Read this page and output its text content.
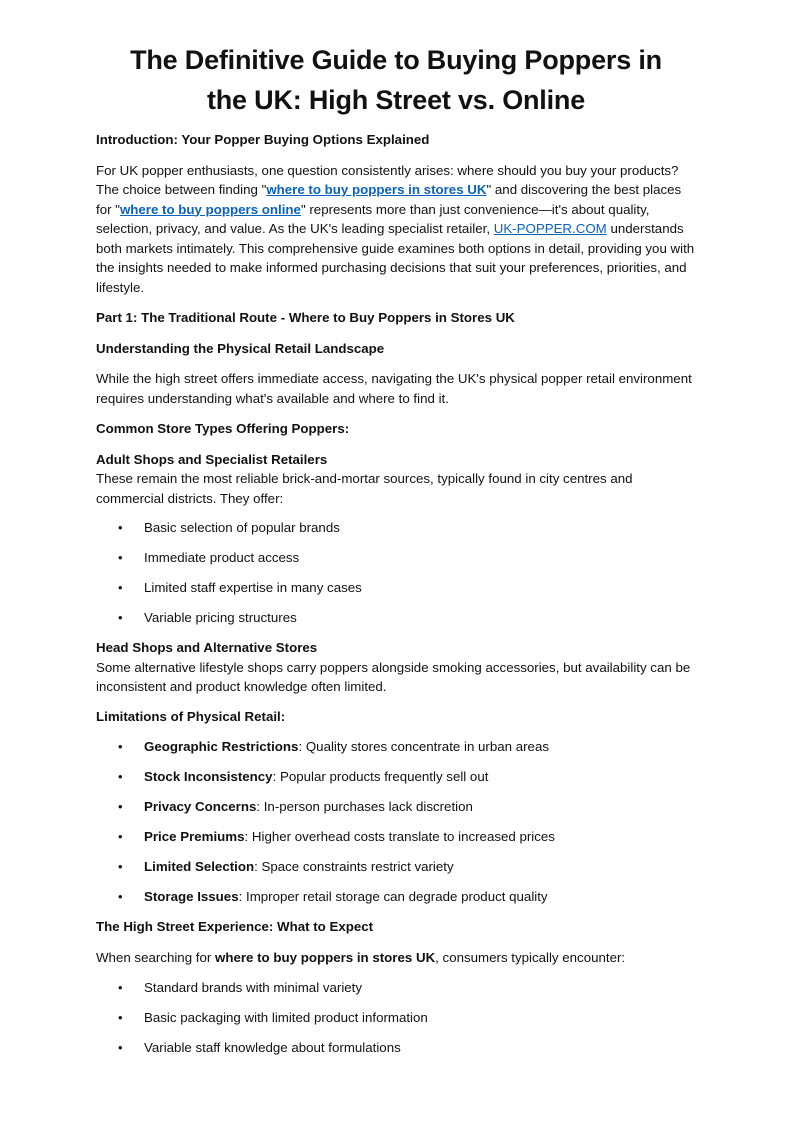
The Definitive Guide to Buying Poppers in
the UK: High Street vs. Online

Introduction: Your Popper Buying Options Explained

For UK popper enthusiasts, one question consistently arises: where should you buy your products? The choice between finding "where to buy poppers in stores UK" and discovering the best places for "where to buy poppers online" represents more than just convenience—it's about quality, selection, privacy, and value. As the UK's leading specialist retailer, UK-POPPER.COM understands both markets intimately. This comprehensive guide examines both options in detail, providing you with the insights needed to make informed purchasing decisions that suit your preferences, priorities, and lifestyle.

Part 1: The Traditional Route - Where to Buy Poppers in Stores UK

Understanding the Physical Retail Landscape

While the high street offers immediate access, navigating the UK's physical popper retail environment requires understanding what's available and where to find it.

Common Store Types Offering Poppers:

Adult Shops and Specialist Retailers
These remain the most reliable brick-and-mortar sources, typically found in city centres and commercial districts. They offer:

• Basic selection of popular brands
• Immediate product access
• Limited staff expertise in many cases
• Variable pricing structures

Head Shops and Alternative Stores
Some alternative lifestyle shops carry poppers alongside smoking accessories, but availability can be inconsistent and product knowledge often limited.

Limitations of Physical Retail:

• Geographic Restrictions: Quality stores concentrate in urban areas
• Stock Inconsistency: Popular products frequently sell out
• Privacy Concerns: In-person purchases lack discretion
• Price Premiums: Higher overhead costs translate to increased prices
• Limited Selection: Space constraints restrict variety
• Storage Issues: Improper retail storage can degrade product quality

The High Street Experience: What to Expect

When searching for where to buy poppers in stores UK, consumers typically encounter:

• Standard brands with minimal variety
• Basic packaging with limited product information
• Variable staff knowledge about formulations
